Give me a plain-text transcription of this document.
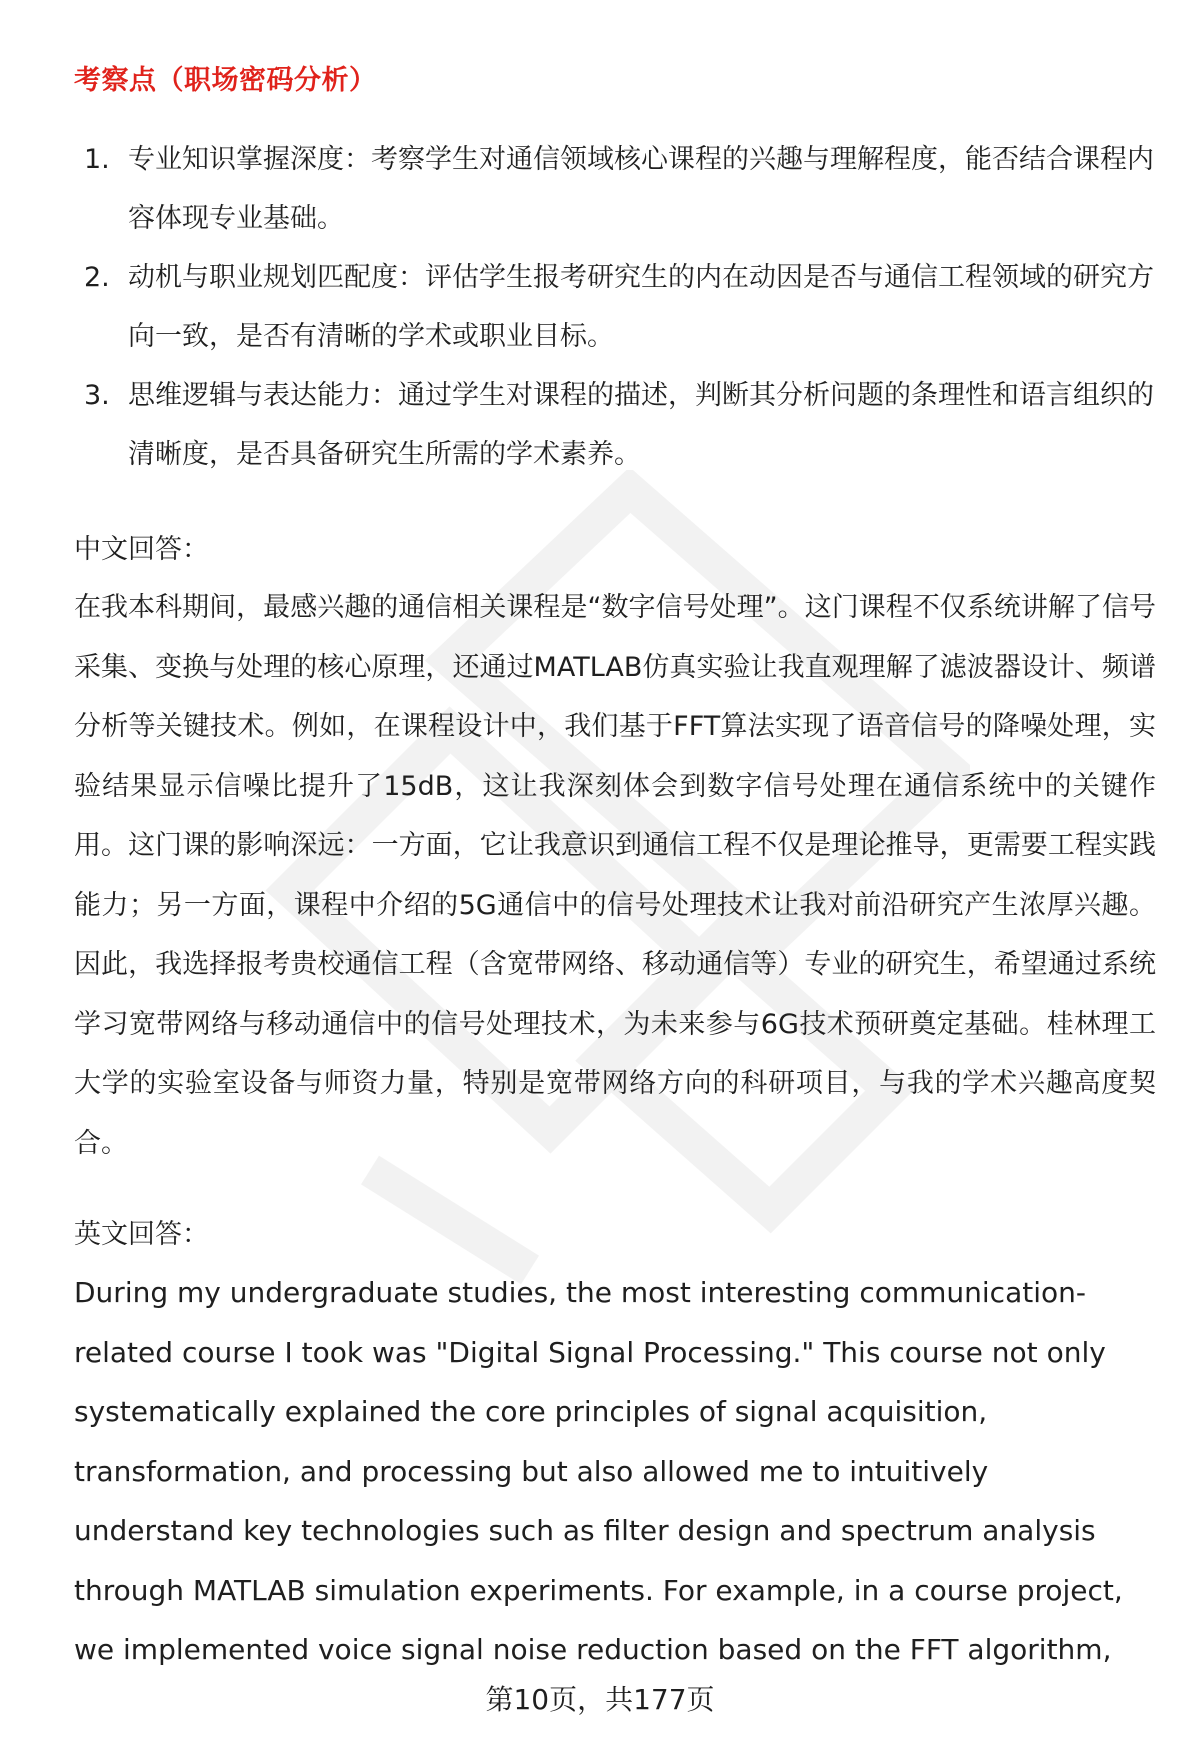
考察点（职场密码分析）
1. 专业知识掌握深度：考察学生对通信领域核心课程的兴趣与理解程度，能否结合课程内容体现专业基础。
2. 动机与职业规划匹配度：评估学生报考研究生的内在动因是否与通信工程领域的研究方向一致，是否有清晰的学术或职业目标。
3. 思维逻辑与表达能力：通过学生对课程的描述，判断其分析问题的条理性和语言组织的清晰度，是否具备研究生所需的学术素养。
中文回答：

在我本科期间，最感兴趣的通信相关课程是“数字信号处理”。这门课程不仅系统讲解了信号采集、变换与处理的核心原理，还通过MATLAB仿真实验让我直观理解了滤波器设计、频谱分析等关键技术。例如，在课程设计中，我们基于FFT算法实现了语音信号的降噪处理，实验结果显示信噪比提升了15dB，这让我深刻体会到数字信号处理在通信系统中的关键作用。这门课的影响深远：一方面，它让我意识到通信工程不仅是理论推导，更需要工程实践能力；另一方面，课程中介绍的5G通信中的信号处理技术让我对前沿研究产生浓厚兴趣。因此，我选择报考贵校通信工程（含宽带网络、移动通信等）专业的研究生，希望通过系统学习宽带网络与移动通信中的信号处理技术，为未来参与6G技术预研奠定基础。桂林理工大学的实验室设备与师资力量，特别是宽带网络方向的科研项目，与我的学术兴趣高度契合。

英文回答：

During my undergraduate studies, the most interesting communication-related course I took was "Digital Signal Processing." This course not only systematically explained the core principles of signal acquisition, transformation, and processing but also allowed me to intuitively understand key technologies such as filter design and spectrum analysis through MATLAB simulation experiments. For example, in a course project, we implemented voice signal noise reduction based on the FFT algorithm,

第10页，共177页
